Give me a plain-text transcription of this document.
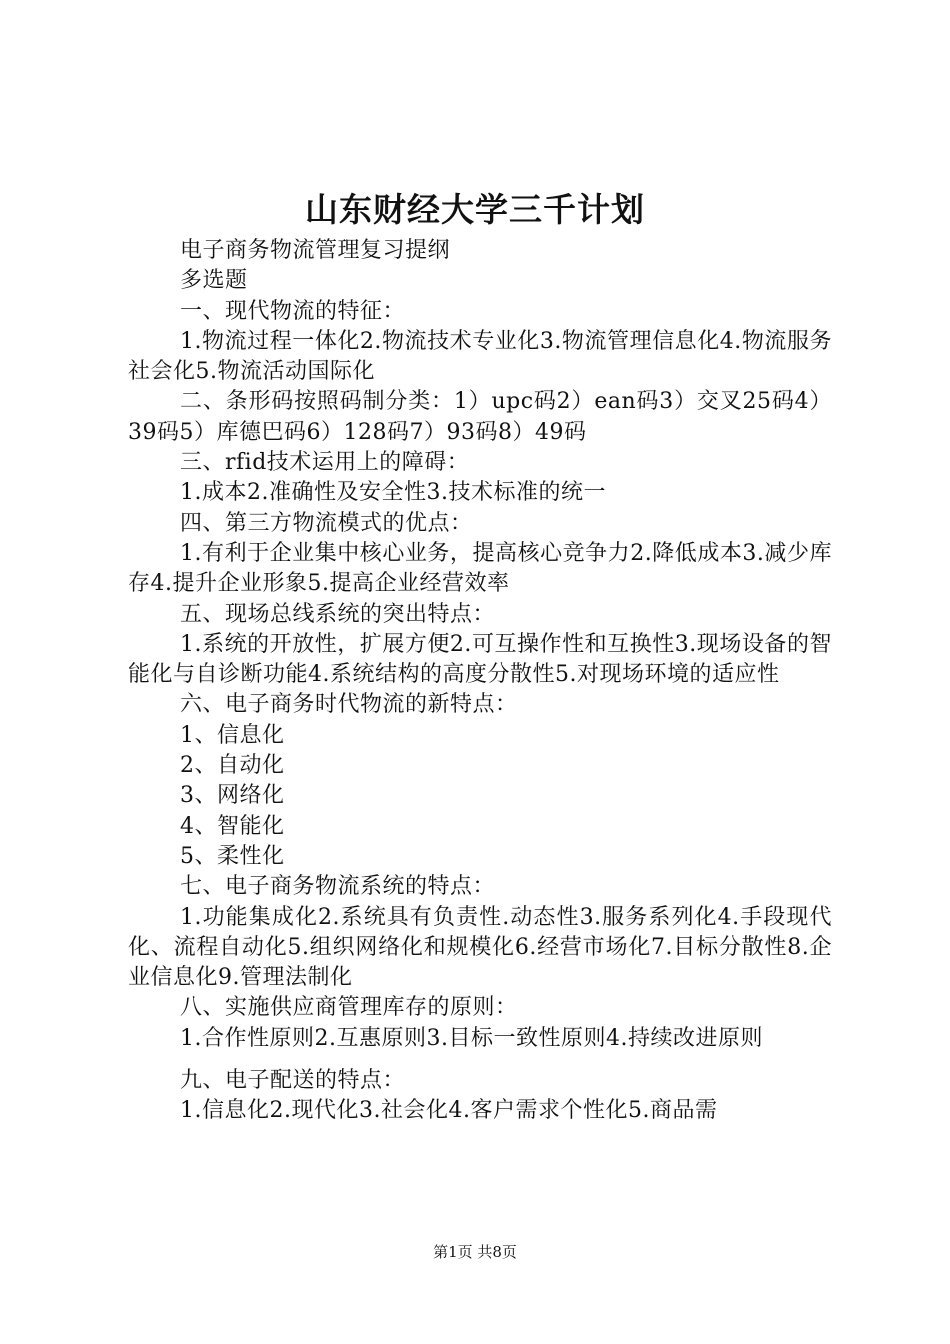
山东财经大学三千计划

电子商务物流管理复习提纲

多选题

一、现代物流的特征：

1.物流过程一体化2.物流技术专业化3.物流管理信息化4.物流服务社会化5.物流活动国际化

二、条形码按照码制分类：1）upc码2）ean码3）交叉25码4）39码5）库德巴码6）128码7）93码8）49码

三、rfid技术运用上的障碍：

1.成本2.准确性及安全性3.技术标准的统一

四、第三方物流模式的优点：

1.有利于企业集中核心业务，提高核心竞争力2.降低成本3.减少库存4.提升企业形象5.提高企业经营效率

五、现场总线系统的突出特点：

1.系统的开放性，扩展方便2.可互操作性和互换性3.现场设备的智能化与自诊断功能4.系统结构的高度分散性5.对现场环境的适应性

六、电子商务时代物流的新特点：

1、信息化

2、自动化

3、网络化

4、智能化

5、柔性化

七、电子商务物流系统的特点：

1.功能集成化2.系统具有负责性.动态性3.服务系列化4.手段现代化、流程自动化5.组织网络化和规模化6.经营市场化7.目标分散性8.企业信息化9.管理法制化

八、实施供应商管理库存的原则：

1.合作性原则2.互惠原则3.目标一致性原则4.持续改进原则

九、电子配送的特点：

1.信息化2.现代化3.社会化4.客户需求个性化5.商品需

第1页 共8页
